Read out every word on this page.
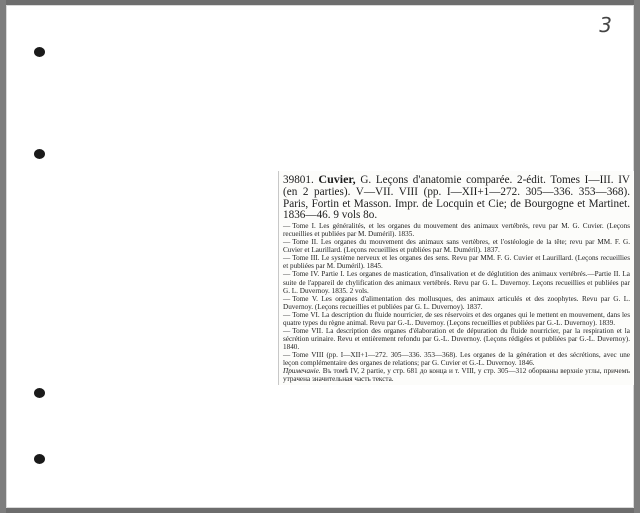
3
39801. Cuvier, G. Leçons d'anatomie comparée. 2-édit. Tomes I—III. IV (en 2 parties). V—VII. VIII (pp. I—XII+1—272. 305—336. 353—368). Paris, Fortin et Masson. Impr. de Locquin et Cie; de Bourgogne et Martinet. 1836—46. 9 vols 8o.
— Tome I. Les généralités, et les organes du mouvement des animaux vertébrés, revu par M. G. Cuvier. (Leçons recueillies et publiées par M. Duméril). 1835.
— Tome II. Les organes du mouvement des animaux sans vertèbres, et l'ostéologie de la tête; revu par MM. F. G. Cuvier et Laurillard. (Leçons recueillies et publiées par M. Duméril). 1837.
— Tome III. Le système nerveux et les organes des sens. Revu par MM. F. G. Cuvier et Laurillard. (Leçons recueillies et publiées par M. Duméril). 1845.
— Tome IV. Partie I. Les organes de mastication, d'insalivation et de déglutition des animaux vertébrés.—Partie II. La suite de l'appareil de chylification des animaux vertébrés. Revu par G. L. Duvernoy. Leçons recueillies et publiées par G. L. Duvernoy. 1835. 2 vols.
— Tome V. Les organes d'alimentation des mollusques, des animaux articulés et des zoophytes. Revu par G. L. Duvernoy. (Leçons recueillies et publiées par G. L. Duvernoy). 1837.
— Tome VI. La description du fluide nourricier, de ses réservoirs et des organes qui le mettent en mouvement, dans les quatre types du règne animal. Revu par G.-L. Duvernoy. (Leçons recueillies et publiées par G.-L. Duvernoy). 1839.
— Tome VII. La description des organes d'élaboration et de dépuration du fluide nourricier, par la respiration et la sécrétion urinaire. Revu et entièrement refondu par G.-L. Duvernoy. (Leçons rédigées et publiées par G.-L. Duvernoy). 1840.
— Tome VIII (pp. I—XII+1—272. 305—336. 353—368). Les organes de la génération et des sécrétions, avec une leçon complémentaire des organes de relations; par G. Cuvier et G.-L. Duvernoy. 1846.
Примечаніе. Въ томѣ IV, 2 partie, у стр. 681 до конца и т. VIII, у стр. 305—312 оборваны верхніе углы, причемъ утрачена значительная часть текста.
